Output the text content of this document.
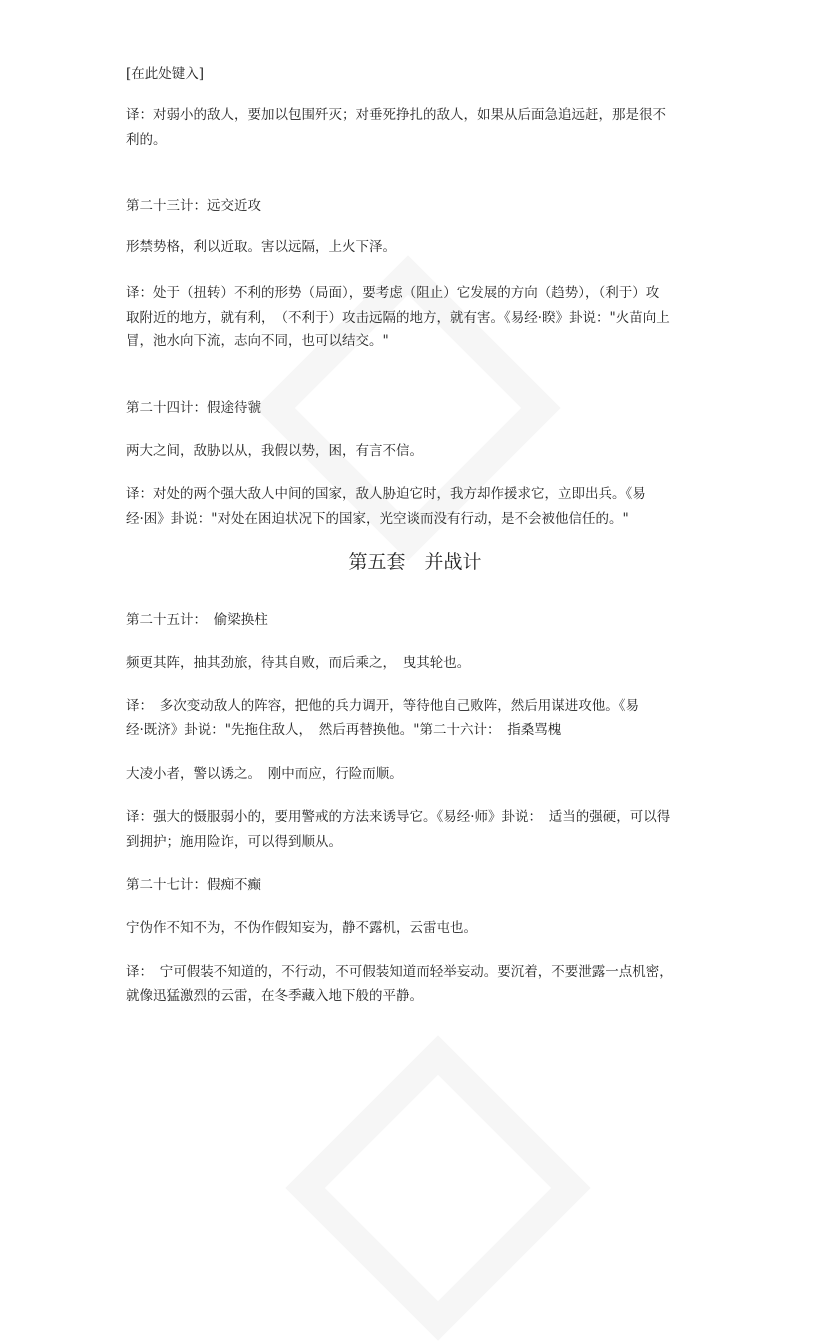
[在此处键入]
第五套　并战计
译：对弱小的敌人，要加以包围歼灭；对垂死挣扎的敌人，如果从后面急追远赶，那是很不
利的。
第二十三计：远交近攻
形禁势格，利以近取。害以远隔，上火下泽。
译：处于（扭转）不利的形势（局面），要考虑（阻止）它发展的方向（趋势），（利于）攻
取附近的地方，就有利，　（不利于）攻击远隔的地方，就有害。《易经·睽》卦说："火苗向上
冒，池水向下流，志向不同，也可以结交。"
第二十四计：假途待虢
两大之间，敌胁以从，我假以势，困，有言不信。
译：对处的两个强大敌人中间的国家，敌人胁迫它时，我方却作援求它，立即出兵。《易
经·困》卦说："对处在困迫状况下的国家，光空谈而没有行动，是不会被他信任的。"
第二十五计：　偷梁换柱
频更其阵，抽其劲旅，待其自败，而后乘之，　曳其轮也。
译：　多次变动敌人的阵容，把他的兵力调开，等待他自己败阵，然后用谋进攻他。《易
经·既济》卦说："先拖住敌人，　然后再替换他。"第二十六计：　指桑骂槐
大凌小者，警以诱之。　刚中而应，行险而顺。
译：强大的慑服弱小的，要用警戒的方法来诱导它。《易经·师》卦说：　适当的强硬，可以得
到拥护；施用险诈，可以得到顺从。
第二十七计：假痴不癫
宁伪作不知不为，不伪作假知妄为，静不露机，云雷屯也。
译：　宁可假装不知道的，不行动，不可假装知道而轻举妄动。要沉着，不要泄露一点机密，
就像迅猛激烈的云雷，在冬季藏入地下般的平静。
